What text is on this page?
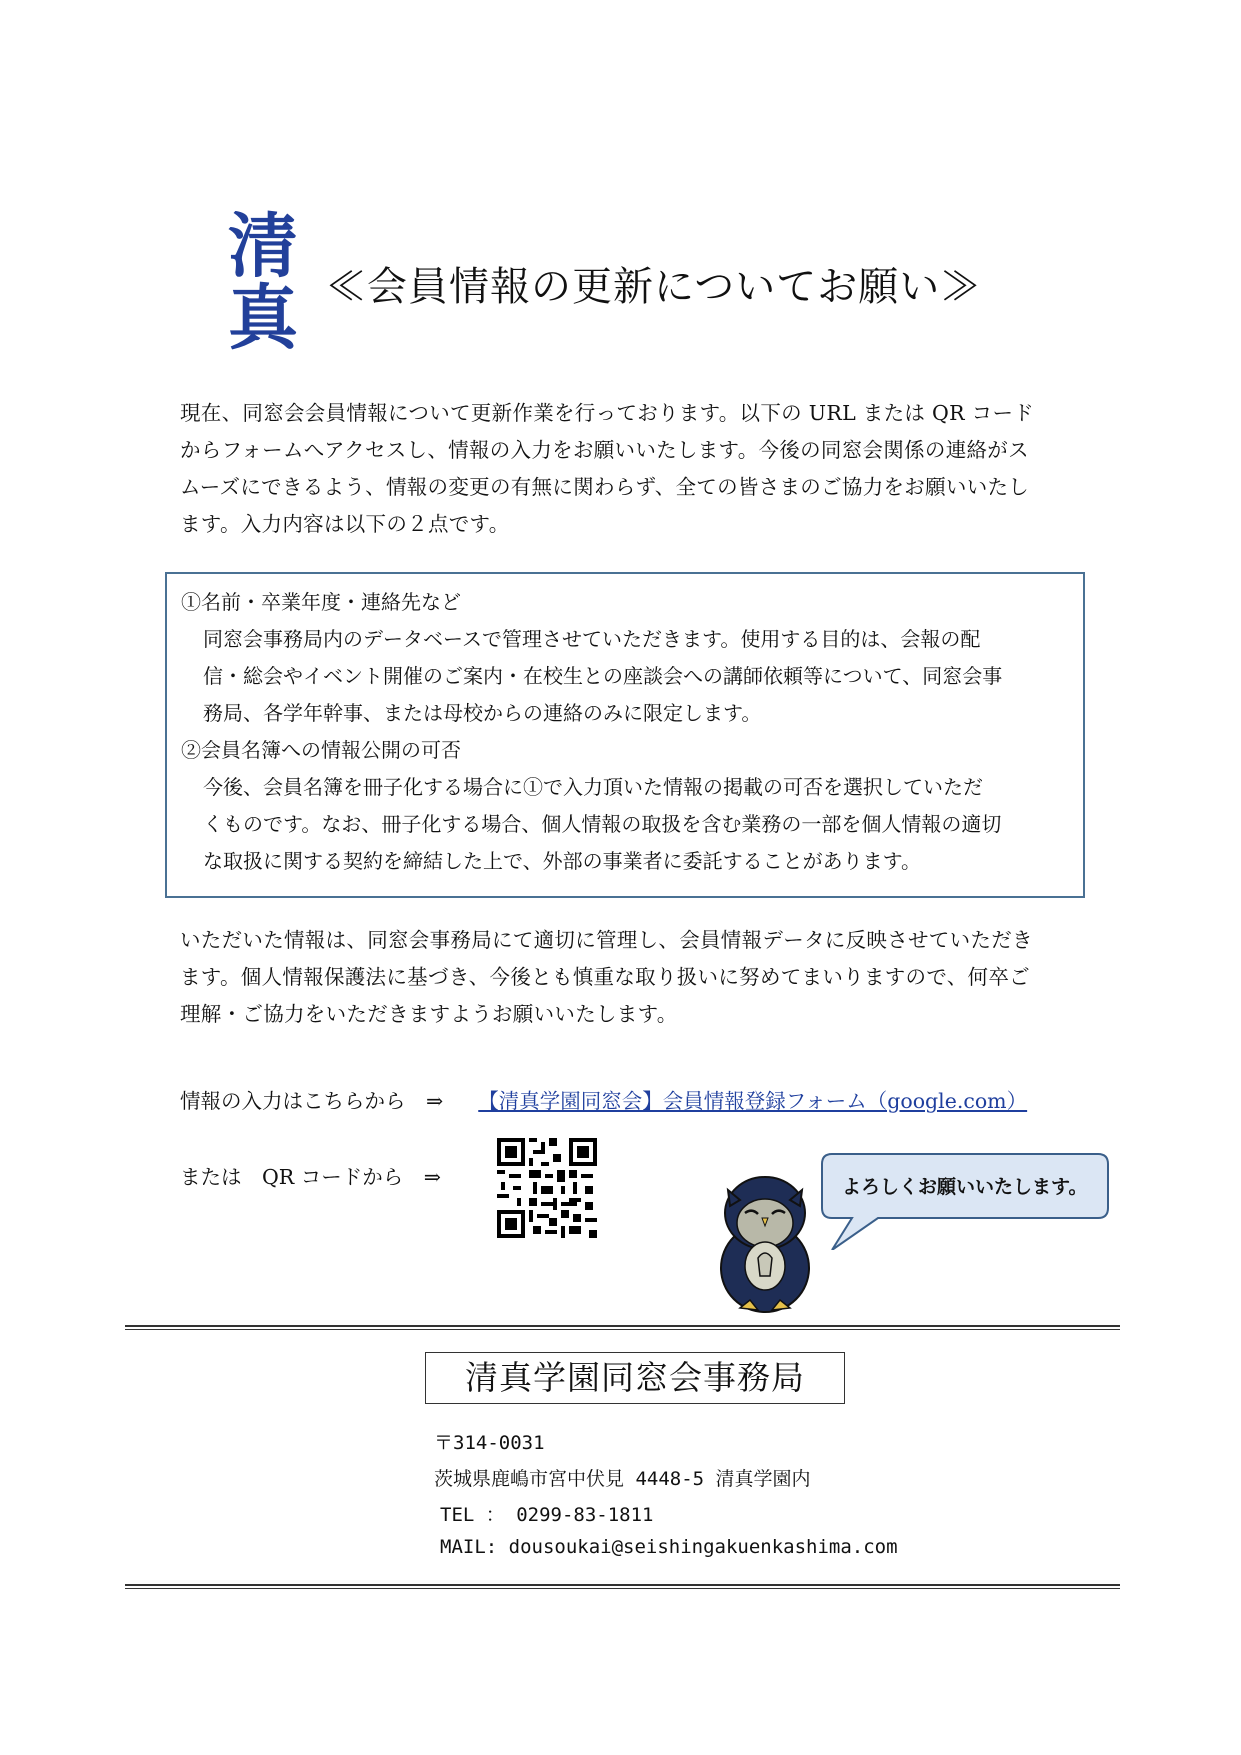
清
真 ≪会員情報の更新についてお願い≫

現在、同窓会会員情報について更新作業を行っております。以下の URL または QR コード

からフォームへアクセスし、情報の入力をお願いいたします。今後の同窓会関係の連絡がス

ムーズにできるよう、情報の変更の有無に関わらず、全ての皆さまのご協力をお願いいたし

ます。入力内容は以下の２点です。

①名前・卒業年度・連絡先など

同窓会事務局内のデータベースで管理させていただきます。使用する目的は、会報の配

信・総会やイベント開催のご案内・在校生との座談会への講師依頼等について、同窓会事

務局、各学年幹事、または母校からの連絡のみに限定します。

②会員名簿への情報公開の可否

今後、会員名簿を冊子化する場合に①で入力頂いた情報の掲載の可否を選択していただ

くものです。なお、冊子化する場合、個人情報の取扱を含む業務の一部を個人情報の適切

な取扱に関する契約を締結した上で、外部の事業者に委託することがあります。

いただいた情報は、同窓会事務局にて適切に管理し、会員情報データに反映させていただき

ます。個人情報保護法に基づき、今後とも慎重な取り扱いに努めてまいりますので、何卒ご

理解・ご協力をいただきますようお願いいたします。

情報の入力はこちらから　⇒ 【清真学園同窓会】会員情報登録フォーム（google.com）
または　QR コードから　⇒	よろしくお願いいたします。
清真学園同窓会事務局
〒314-0031
茨城県鹿嶋市宮中伏見 4448-5 清真学園内
TEL ： 0299-83-1811
MAIL: dousoukai@seishingakuenkashima.com
